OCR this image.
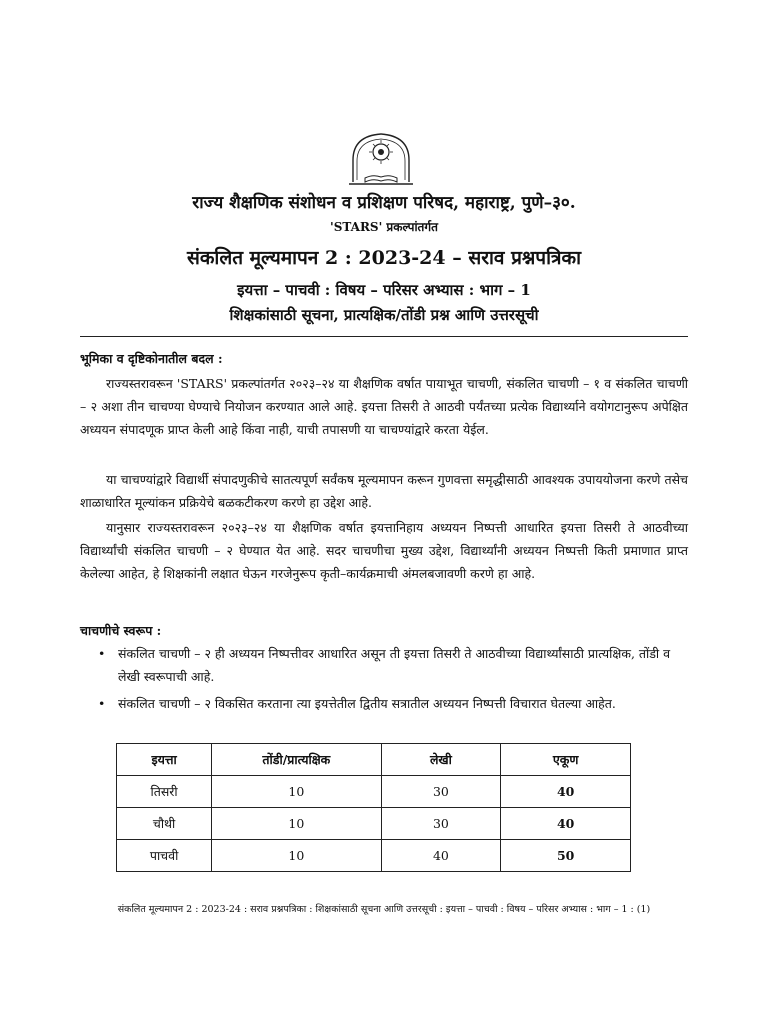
राज्य शैक्षणिक संशोधन व प्रशिक्षण परिषद, महाराष्ट्र, पुणे–३०.
'STARS' प्रकल्पांतर्गत
संकलित मूल्यमापन 2 : 2023-24 – सराव प्रश्नपत्रिका
इयत्ता – पाचवी : विषय – परिसर अभ्यास : भाग – 1
शिक्षकांसाठी सूचना, प्रात्यक्षिक/तोंडी प्रश्न आणि उत्तरसूची
भूमिका व दृष्टिकोनातील बदल :
राज्यस्तरावरून 'STARS' प्रकल्पांतर्गत २०२३–२४ या शैक्षणिक वर्षात पायाभूत चाचणी, संकलित चाचणी – १ व संकलित चाचणी – २ अशा तीन चाचण्या घेण्याचे नियोजन करण्यात आले आहे. इयत्ता तिसरी ते आठवी पर्यंतच्या प्रत्येक विद्यार्थ्याने वयोगटानुरूप अपेक्षित अध्ययन संपादणूक प्राप्त केली आहे किंवा नाही, याची तपासणी या चाचण्यांद्वारे करता येईल.
या चाचण्यांद्वारे विद्यार्थी संपादणुकीचे सातत्यपूर्ण सर्वंकष मूल्यमापन करून गुणवत्ता समृद्धीसाठी आवश्यक उपाययोजना करणे तसेच शाळाधारित मूल्यांकन प्रक्रियेचे बळकटीकरण करणे हा उद्देश आहे.
यानुसार राज्यस्तरावरून २०२३–२४ या शैक्षणिक वर्षात इयत्तानिहाय अध्ययन निष्पत्ती आधारित इयत्ता तिसरी ते आठवीच्या विद्यार्थ्यांची संकलित चाचणी – २ घेण्यात येत आहे. सदर चाचणीचा मुख्य उद्देश, विद्यार्थ्यांनी अध्ययन निष्पत्ती किती प्रमाणात प्राप्त केलेल्या आहेत, हे शिक्षकांनी लक्षात घेऊन गरजेनुरूप कृती–कार्यक्रमाची अंमलबजावणी करणे हा आहे.
चाचणीचे स्वरूप :
• संकलित चाचणी – २ ही अध्ययन निष्पत्तीवर आधारित असून ती इयत्ता तिसरी ते आठवीच्या विद्यार्थ्यांसाठी प्रात्यक्षिक, तोंडी व लेखी स्वरूपाची आहे.
• संकलित चाचणी – २ विकसित करताना त्या इयत्तेतील द्वितीय सत्रातील अध्ययन निष्पत्ती विचारात घेतल्या आहेत.
इयत्ता	तोंडी/प्रात्यक्षिक	लेखी	एकूण
तिसरी	10	30	40
चौथी	10	30	40
पाचवी	10	40	50
संकलित मूल्यमापन 2 : 2023-24 : सराव प्रश्नपत्रिका : शिक्षकांसाठी सूचना आणि उत्तरसूची : इयत्ता – पाचवी : विषय – परिसर अभ्यास : भाग – 1 : (1)
